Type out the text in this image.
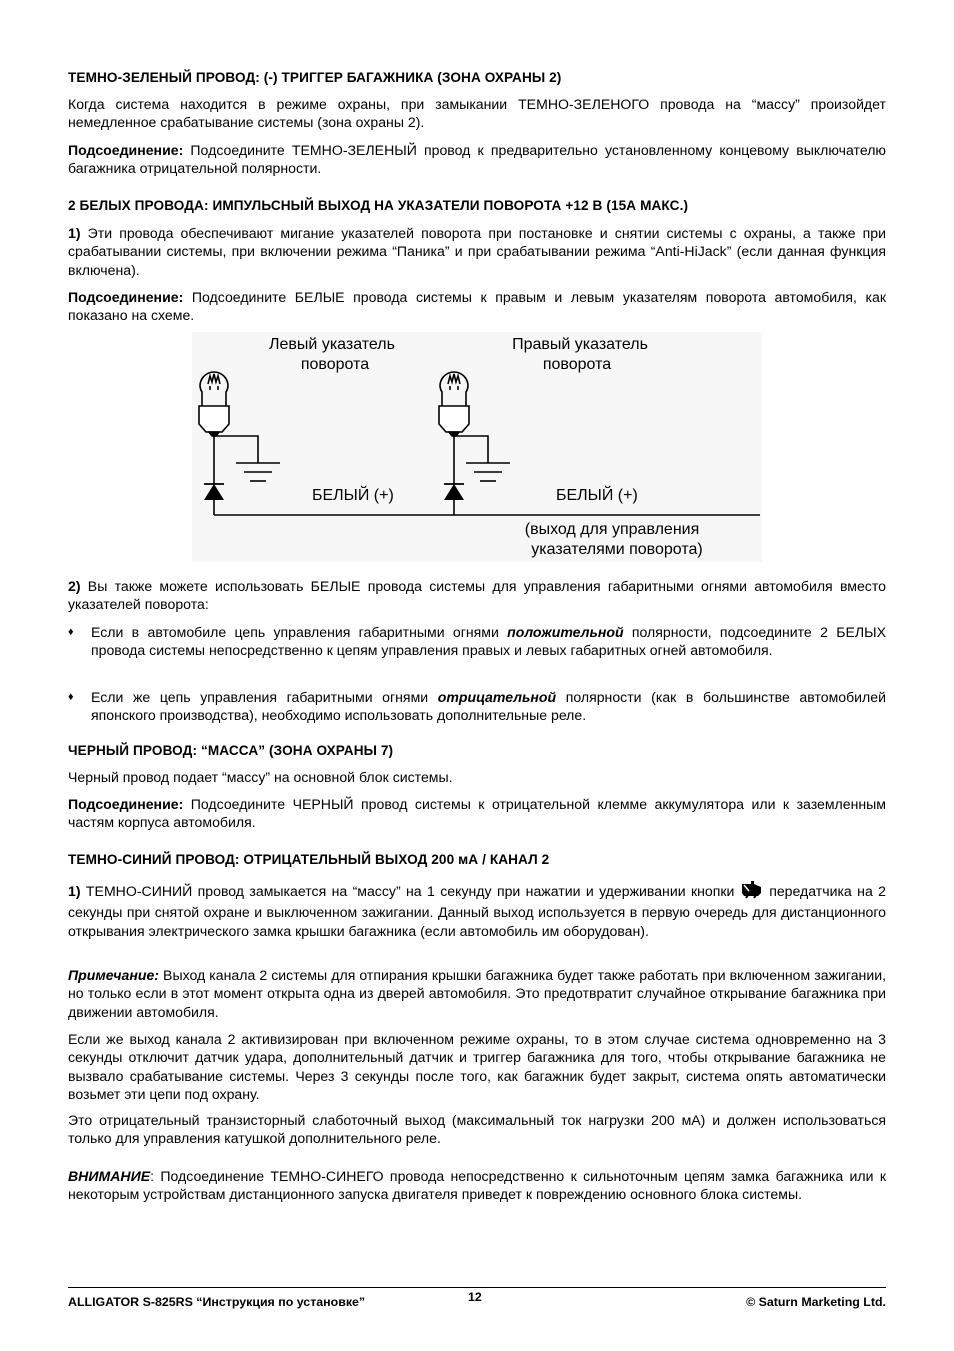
ТЕМНО-ЗЕЛЕНЫЙ ПРОВОД: (-) ТРИГГЕР БАГАЖНИКА (ЗОНА ОХРАНЫ 2)
Когда система находится в режиме охраны, при замыкании ТЕМНО-ЗЕЛЕНОГО провода на “массу” произойдет немедленное срабатывание системы (зона охраны 2).
Подсоединение: Подсоедините ТЕМНО-ЗЕЛЕНЫЙ провод к предварительно установленному концевому выключателю багажника отрицательной полярности.
2 БЕЛЫХ ПРОВОДА: ИМПУЛЬСНЫЙ ВЫХОД НА УКАЗАТЕЛИ ПОВОРОТА +12 В (15А МАКС.)
1) Эти провода обеспечивают мигание указателей поворота при постановке и снятии системы с охраны, а также при срабатывании системы, при включении режима “Паника” и при срабатывании режима “Anti-HiJack” (если данная функция включена).
Подсоединение: Подсоедините БЕЛЫЕ провода системы к правым и левым указателям поворота автомобиля, как показано на схеме.
2) Вы также можете использовать БЕЛЫЕ провода системы для управления габаритными огнями автомобиля вместо указателей поворота:
♦ Если в автомобиле цепь управления габаритными огнями положительной полярности, подсоедините 2 БЕЛЫХ провода системы непосредственно к цепям управления правых и левых габаритных огней автомобиля.
♦ Если же цепь управления габаритными огнями отрицательной полярности (как в большинстве автомобилей японского производства), необходимо использовать дополнительные реле.
ЧЕРНЫЙ ПРОВОД: “МАССА” (ЗОНА ОХРАНЫ 7)
Черный провод подает “массу” на основной блок системы.
Подсоединение: Подсоедините ЧЕРНЫЙ провод системы к отрицательной клемме аккумулятора или к заземленным частям корпуса автомобиля.
ТЕМНО-СИНИЙ ПРОВОД: ОТРИЦАТЕЛЬНЫЙ ВЫХОД 200 мА / КАНАЛ 2
1) ТЕМНО-СИНИЙ провод замыкается на “массу” на 1 секунду при нажатии и удерживании кнопки  передатчика на 2 секунды при снятой охране и выключенном зажигании. Данный выход используется в первую очередь для дистанционного открывания электрического замка крышки багажника (если автомобиль им оборудован).
Примечание: Выход канала 2 системы для отпирания крышки багажника будет также работать при включенном зажигании, но только если в этот момент открыта одна из дверей автомобиля. Это предотвратит случайное открывание багажника при движении автомобиля.
Если же выход канала 2 активизирован при включенном режиме охраны, то в этом случае система одновременно на 3 секунды отключит датчик удара, дополнительный датчик и триггер багажника для того, чтобы открывание багажника не вызвало срабатывание системы. Через 3 секунды после того, как багажник будет закрыт, система опять автоматически возьмет эти цепи под охрану.
Это отрицательный транзисторный слаботочный выход (максимальный ток нагрузки 200 мА) и должен использоваться только для управления катушкой дополнительного реле.
ВНИМАНИЕ: Подсоединение ТЕМНО-СИНЕГО провода непосредственно к сильноточным цепям замка багажника или к некоторым устройствам дистанционного запуска двигателя приведет к повреждению основного блока системы.
Левый указатель
поворота
Правый указатель
поворота
БЕЛЫЙ (+)	БЕЛЫЙ (+)
(выход для управления
указателями поворота)
ALLIGATOR S-825RS “Инструкция по установке”	12	© Saturn Marketing Ltd.
